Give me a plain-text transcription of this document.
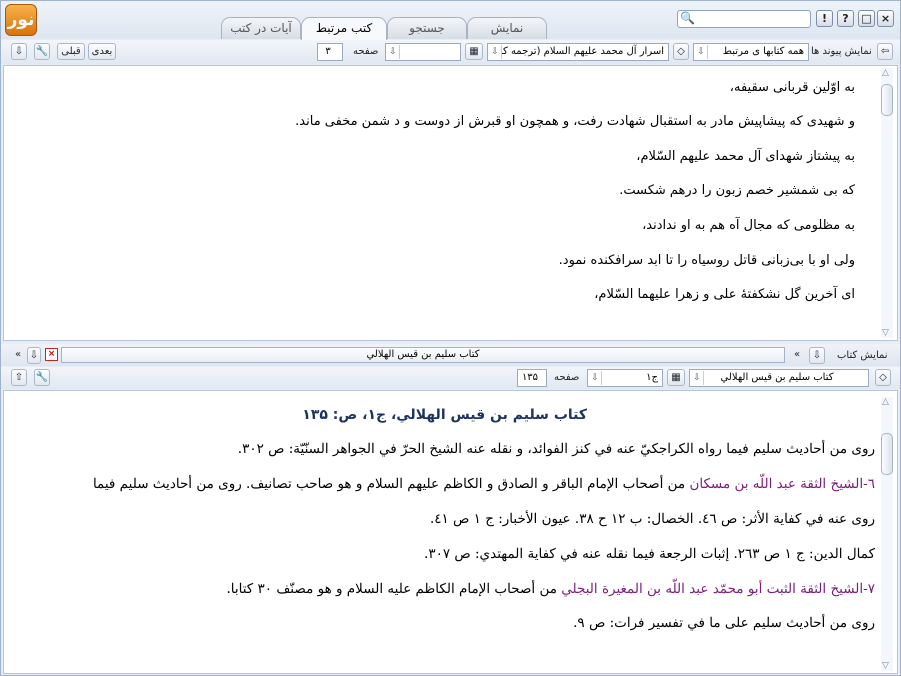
نور	آیات در کتب	کتب مرتبط	جستجو	نمایش
🔍	!	?	□ ×
⇩	🔧	قبلی	بعدی	۳	صفحه ⇩	▦	⇩ اسرار آل محمد علیهم السلام (ترجمه کا	◇	⇩	همه کتابها ی مرتبط نمایش پیوند ها ⇦
به اوّلین قربانی سقیفه،
و شهیدی که پیشاپیش مادر به استقبال شهادت رفت، و همچون او قبرش از دوست و د شمن مخفی ماند.
به پیشتاز شهدای آل محمد علیهم السّلام،
که بی شمشیر خصم زبون را درهم شکست.
به مظلومی که مجال آه هم به او ندادند،
ولی او با بی‌زبانی قاتل روسیاه را تا ابد سرافکنده نمود.
ای آخرین گل نشکفتۀ علی و زهرا علیهما السّلام،
△
▽
« ⇩	×	کتاب سلیم بن قیس الهلالي	«	⇩	نمایش کتاب
⇧	🔧	۱۳۵	صفحه ⇩	ج۱	▦	⇩	كتاب سليم بن قيس الهلالي	◇
كتاب سليم بن قيس الهلالي، ج۱، ص: ۱۳۵
روى من أحاديث سليم فيما رواه الكراجكيّ عنه في كنز الفوائد، و نقله عنه الشيخ الحرّ في الجواهر السنّيّة: ص ۳۰۲.
٦-الشيخ الثقة عبد اللّه بن مسكان من أصحاب الإمام الباقر و الصادق و الكاظم عليهم السلام و هو صاحب تصانيف. روى من أحاديث سليم فيما
روى عنه في كفاية الأثر: ص ٤٦. الخصال: ب ۱۲ ح ۳۸. عيون الأخبار: ج ۱ ص ٤۱.
كمال الدين: ج ۱ ص ۲٦۳. إثبات الرجعة فيما نقله عنه في كفاية المهتدي: ص ۳۰۷.
۷-الشيخ الثقة الثبت أبو محمّد عبد اللّه بن المغيرة البجلي من أصحاب الإمام الكاظم عليه السلام و هو مصنّف ۳۰ كتابا.
روى من أحاديث سليم على ما في تفسير فرات: ص ۹.
△
▽
